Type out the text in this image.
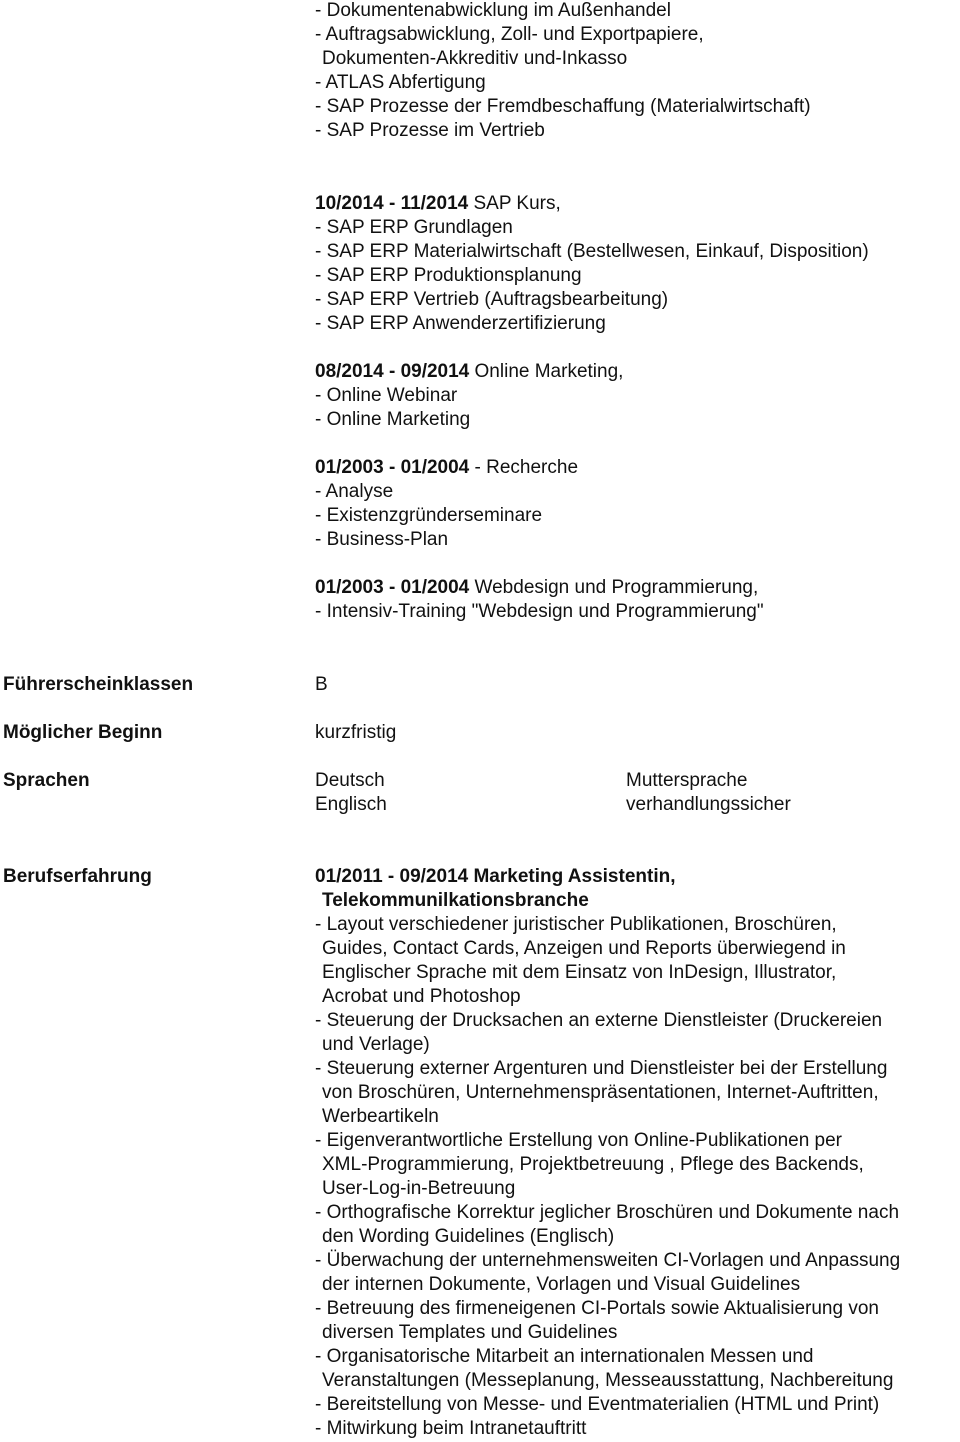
- Dokumentenabwicklung im Außenhandel
- Auftragsabwicklung, Zoll- und Exportpapiere,
Dokumenten-Akkreditiv und-Inkasso
- ATLAS Abfertigung
- SAP Prozesse der Fremdbeschaffung (Materialwirtschaft)
- SAP Prozesse im Vertrieb
10/2014 - 11/2014 SAP Kurs,
- SAP ERP Grundlagen
- SAP ERP Materialwirtschaft (Bestellwesen, Einkauf, Disposition)
- SAP ERP Produktionsplanung
- SAP ERP Vertrieb (Auftragsbearbeitung)
- SAP ERP Anwenderzertifizierung
08/2014 - 09/2014 Online Marketing,
- Online Webinar
- Online Marketing
01/2003 - 01/2004 - Recherche
- Analyse
- Existenzgründerseminare
- Business-Plan
01/2003 - 01/2004 Webdesign und Programmierung,
- Intensiv-Training "Webdesign und Programmierung"
Führerscheinklassen	B
Möglicher Beginn	kurzfristig
Sprachen	Deutsch	Muttersprache
Englisch	verhandlungssicher
Berufserfahrung	01/2011 - 09/2014 Marketing Assistentin,
Telekommunilkationsbranche
- Layout verschiedener juristischer Publikationen, Broschüren,
Guides, Contact Cards, Anzeigen und Reports überwiegend in
Englischer Sprache mit dem Einsatz von InDesign, Illustrator,
Acrobat und Photoshop
- Steuerung der Drucksachen an externe Dienstleister (Druckereien
und Verlage)
- Steuerung externer Argenturen und Dienstleister bei der Erstellung
von Broschüren, Unternehmenspräsentationen, Internet-Auftritten,
Werbeartikeln
- Eigenverantwortliche Erstellung von Online-Publikationen per
XML-Programmierung, Projektbetreuung , Pflege des Backends,
User-Log-in-Betreuung
- Orthografische Korrektur jeglicher Broschüren und Dokumente nach
den Wording Guidelines (Englisch)
- Überwachung der unternehmensweiten CI-Vorlagen und Anpassung
der internen Dokumente, Vorlagen und Visual Guidelines
- Betreuung des firmeneigenen CI-Portals sowie Aktualisierung von
diversen Templates und Guidelines
- Organisatorische Mitarbeit an internationalen Messen und
Veranstaltungen (Messeplanung, Messeausstattung, Nachbereitung
- Bereitstellung von Messe- und Eventmaterialien (HTML und Print)
- Mitwirkung beim Intranetauftritt
